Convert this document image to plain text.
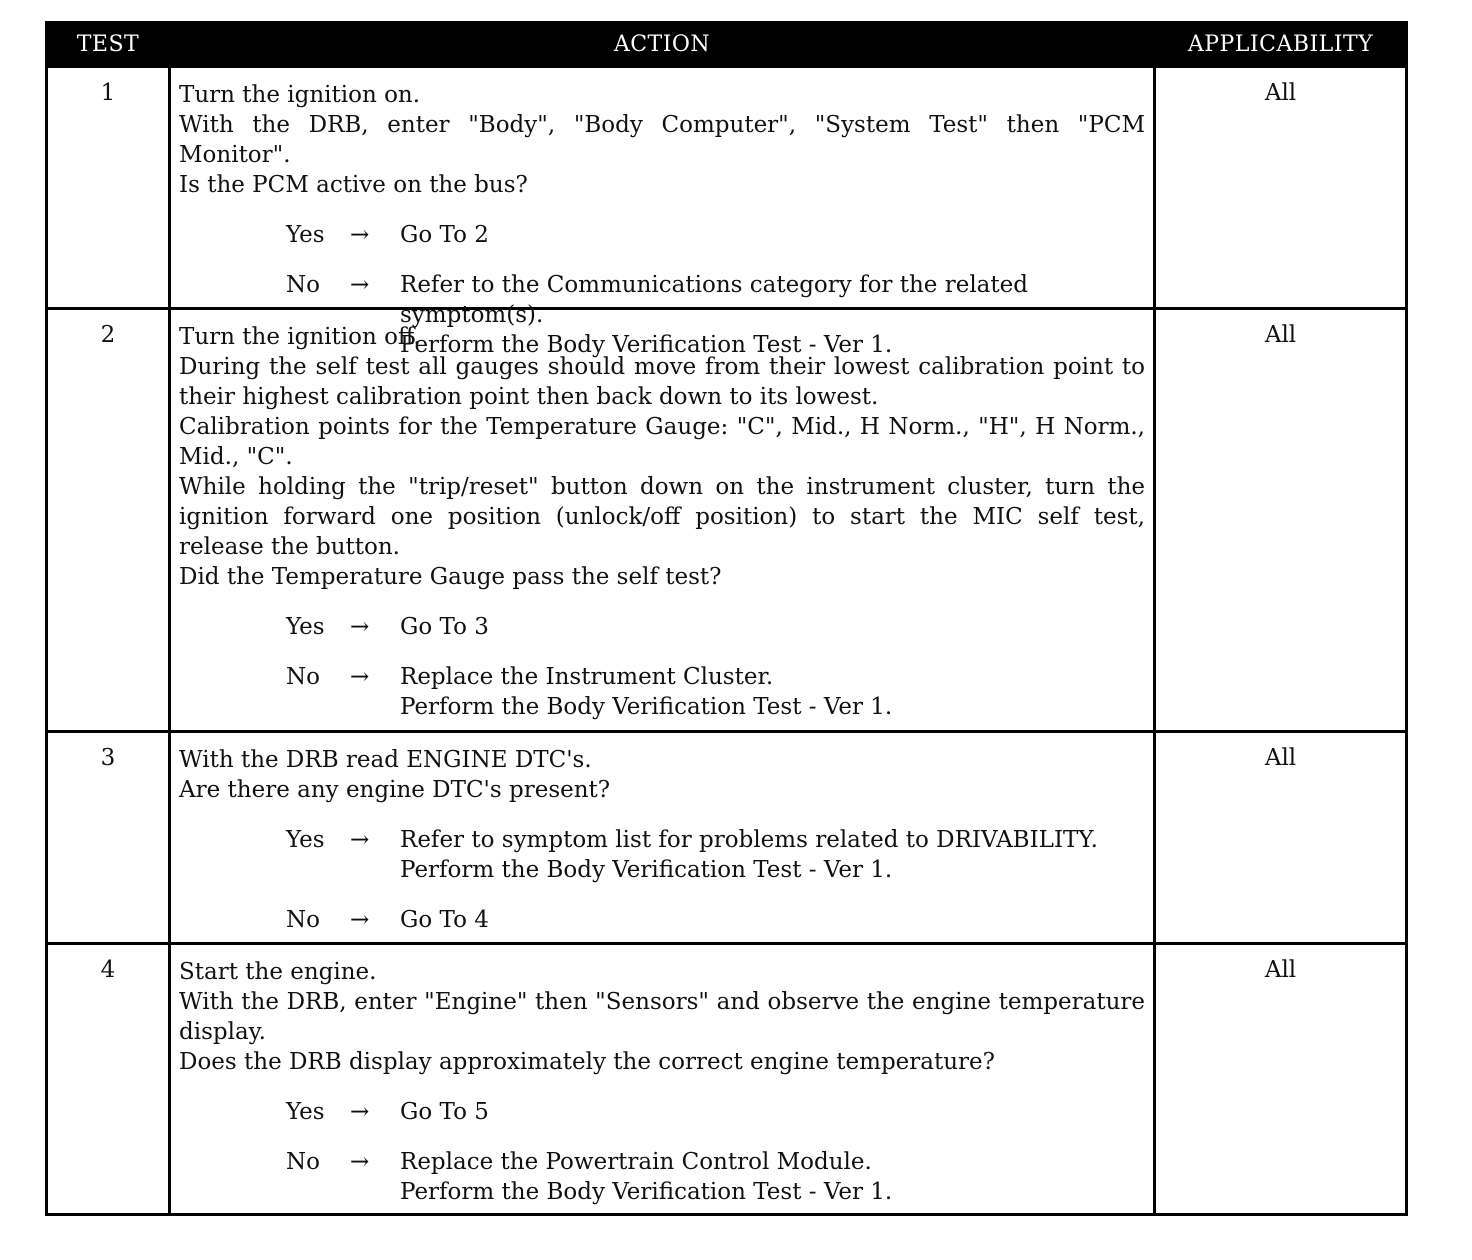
TEST	ACTION	APPLICABILITY
1	Turn the ignition on.

With the DRB, enter "Body", "Body Computer", "System Test" then "PCM Monitor".

Is the PCM active on the bus?

Yes	→	Go To 2
No	→	Refer to the Communications category for the related symptom(s).
Perform the Body Verification Test - Ver 1.
All
2	Turn the ignition off.

During the self test all gauges should move from their lowest calibration point to their highest calibration point then back down to its lowest.

Calibration points for the Temperature Gauge: "C", Mid., H Norm., "H", H Norm., Mid., "C".

While holding the "trip/reset" button down on the instrument cluster, turn the ignition forward one position (unlock/off position) to start the MIC self test, release the button.

Did the Temperature Gauge pass the self test?

Yes	→	Go To 3
No	→	Replace the Instrument Cluster.
Perform the Body Verification Test - Ver 1.
All
3	With the DRB read ENGINE DTC's.

Are there any engine DTC's present?

Yes	→	Refer to symptom list for problems related to DRIVABILITY.
Perform the Body Verification Test - Ver 1.
No	→	Go To 4
All
4	Start the engine.

With the DRB, enter "Engine" then "Sensors" and observe the engine temperature display.

Does the DRB display approximately the correct engine temperature?

Yes	→	Go To 5
No	→	Replace the Powertrain Control Module.
Perform the Body Verification Test - Ver 1.
All
